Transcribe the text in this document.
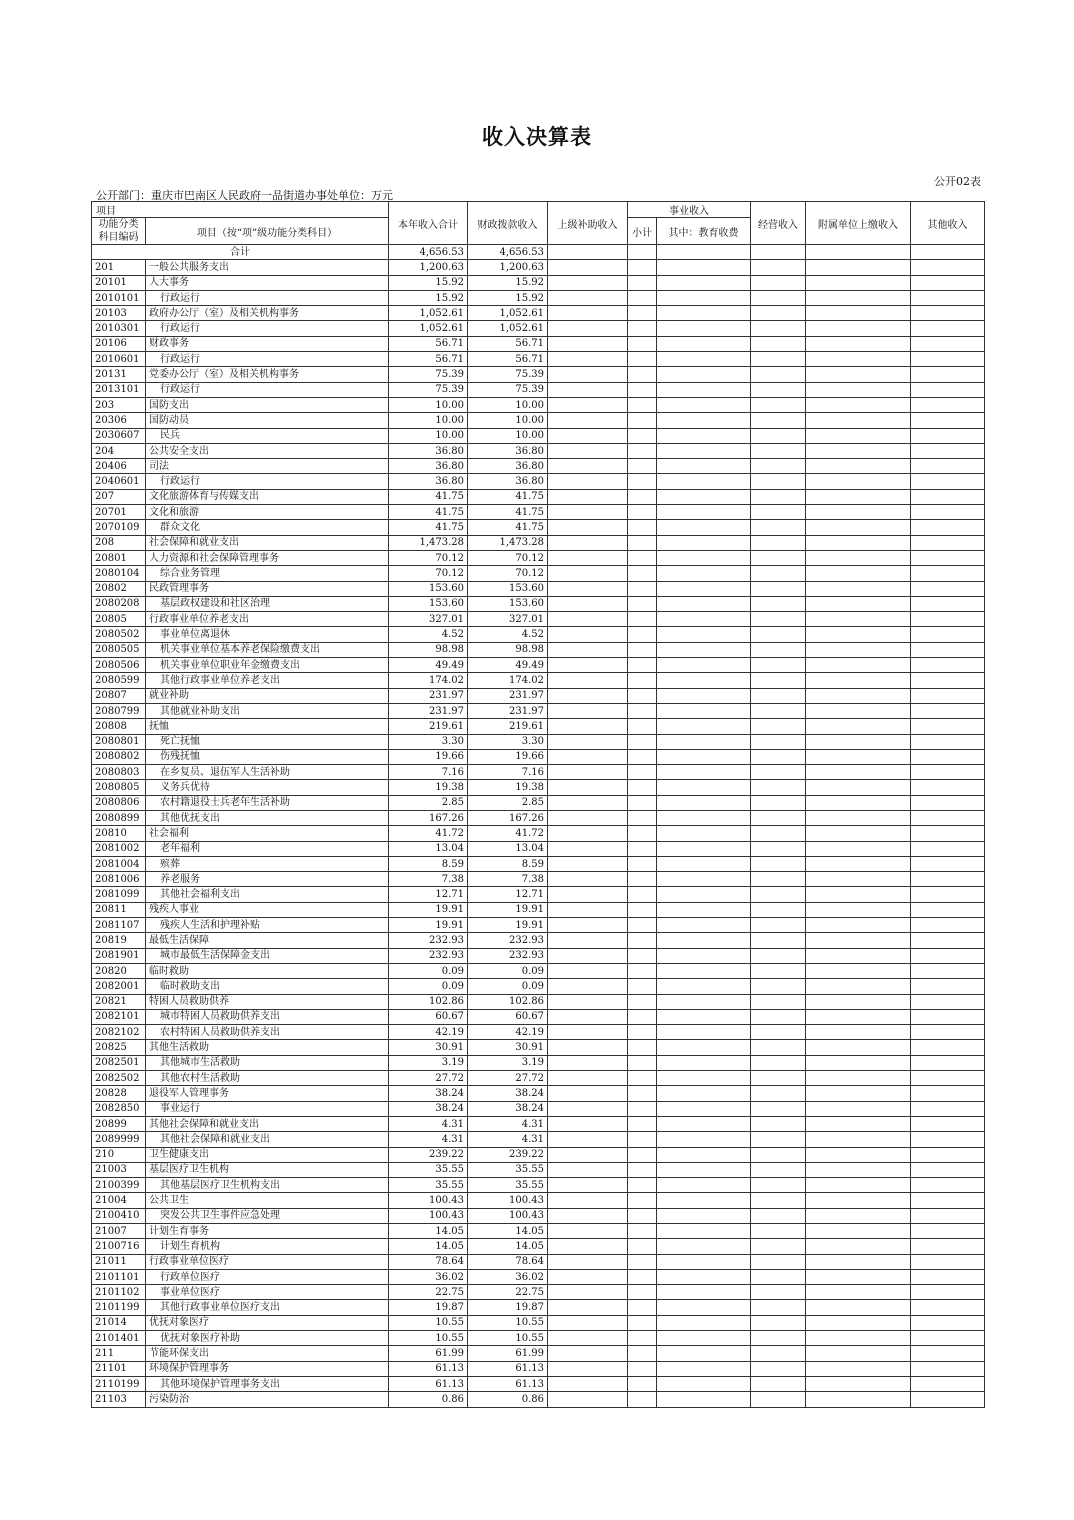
收入决算表
公开02表
公开部门：重庆市巴南区人民政府一品街道办事处单位：万元
项目		本年收入合计	财政拨款收入	上级补助收入	事业收入		经营收入	附属单位上缴收入	其他收入
功能分类科目编码	项目（按“项”级功能分类科目）				小计	其中：教育收费			

合计		4,656.53	4,656.53						
201	一般公共服务支出	1,200.63	1,200.63						
20101	人大事务	15.92	15.92						
2010101	行政运行	15.92	15.92						
20103	政府办公厅（室）及相关机构事务	1,052.61	1,052.61						
2010301	行政运行	1,052.61	1,052.61						
20106	财政事务	56.71	56.71						
2010601	行政运行	56.71	56.71						
20131	党委办公厅（室）及相关机构事务	75.39	75.39						
2013101	行政运行	75.39	75.39						
203	国防支出	10.00	10.00						
20306	国防动员	10.00	10.00						
2030607	民兵	10.00	10.00						
204	公共安全支出	36.80	36.80						
20406	司法	36.80	36.80						
2040601	行政运行	36.80	36.80						
207	文化旅游体育与传媒支出	41.75	41.75						
20701	文化和旅游	41.75	41.75						
2070109	群众文化	41.75	41.75						
208	社会保障和就业支出	1,473.28	1,473.28						
20801	人力资源和社会保障管理事务	70.12	70.12						
2080104	综合业务管理	70.12	70.12						
20802	民政管理事务	153.60	153.60						
2080208	基层政权建设和社区治理	153.60	153.60						
20805	行政事业单位养老支出	327.01	327.01						
2080502	事业单位离退休	4.52	4.52						
2080505	机关事业单位基本养老保险缴费支出	98.98	98.98						
2080506	机关事业单位职业年金缴费支出	49.49	49.49						
2080599	其他行政事业单位养老支出	174.02	174.02						
20807	就业补助	231.97	231.97						
2080799	其他就业补助支出	231.97	231.97						
20808	抚恤	219.61	219.61						
2080801	死亡抚恤	3.30	3.30						
2080802	伤残抚恤	19.66	19.66						
2080803	在乡复员、退伍军人生活补助	7.16	7.16						
2080805	义务兵优待	19.38	19.38						
2080806	农村籍退役士兵老年生活补助	2.85	2.85						
2080899	其他优抚支出	167.26	167.26						
20810	社会福利	41.72	41.72						
2081002	老年福利	13.04	13.04						
2081004	殡葬	8.59	8.59						
2081006	养老服务	7.38	7.38						
2081099	其他社会福利支出	12.71	12.71						
20811	残疾人事业	19.91	19.91						
2081107	残疾人生活和护理补贴	19.91	19.91						
20819	最低生活保障	232.93	232.93						
2081901	城市最低生活保障金支出	232.93	232.93						
20820	临时救助	0.09	0.09						
2082001	临时救助支出	0.09	0.09						
20821	特困人员救助供养	102.86	102.86						
2082101	城市特困人员救助供养支出	60.67	60.67						
2082102	农村特困人员救助供养支出	42.19	42.19						
20825	其他生活救助	30.91	30.91						
2082501	其他城市生活救助	3.19	3.19						
2082502	其他农村生活救助	27.72	27.72						
20828	退役军人管理事务	38.24	38.24						
2082850	事业运行	38.24	38.24						
20899	其他社会保障和就业支出	4.31	4.31						
2089999	其他社会保障和就业支出	4.31	4.31						
210	卫生健康支出	239.22	239.22						
21003	基层医疗卫生机构	35.55	35.55						
2100399	其他基层医疗卫生机构支出	35.55	35.55						
21004	公共卫生	100.43	100.43						
2100410	突发公共卫生事件应急处理	100.43	100.43						
21007	计划生育事务	14.05	14.05						
2100716	计划生育机构	14.05	14.05						
21011	行政事业单位医疗	78.64	78.64						
2101101	行政单位医疗	36.02	36.02						
2101102	事业单位医疗	22.75	22.75						
2101199	其他行政事业单位医疗支出	19.87	19.87						
21014	优抚对象医疗	10.55	10.55						
2101401	优抚对象医疗补助	10.55	10.55						
211	节能环保支出	61.99	61.99						
21101	环境保护管理事务	61.13	61.13						
2110199	其他环境保护管理事务支出	61.13	61.13						
21103	污染防治	0.86	0.86						
